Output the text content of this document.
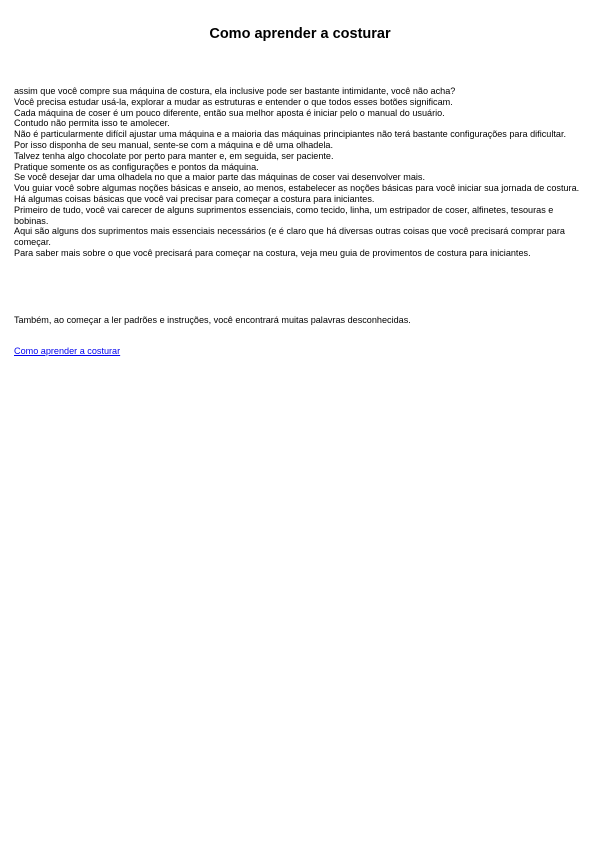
Como aprender a costurar
assim que você compre sua máquina de costura, ela inclusive pode ser bastante intimidante, você não acha?
Você precisa estudar usá-la, explorar a mudar as estruturas e entender o que todos esses botões significam.
Cada máquina de coser é um pouco diferente, então sua melhor aposta é iniciar pelo o manual do usuário.
Contudo não permita isso te amolecer.
Não é particularmente difícil ajustar uma máquina e a maioria das máquinas principiantes não terá bastante configurações para dificultar.
Por isso disponha de seu manual, sente-se com a máquina e dê uma olhadela.
Talvez tenha algo chocolate por perto para manter e, em seguida, ser paciente.
Pratique somente os as configurações e pontos da máquina.
Se você desejar dar uma olhadela no que a maior parte das máquinas de coser vai desenvolver mais.
Vou guiar você sobre algumas noções básicas e anseio, ao menos, estabelecer as noções básicas para você iniciar sua jornada de costura.
Há algumas coisas básicas que você vai precisar para começar a costura para iniciantes.
Primeiro de tudo, você vai carecer de alguns suprimentos essenciais, como tecido, linha, um estripador de coser, alfinetes, tesouras e bobinas.
Aqui são alguns dos suprimentos mais essenciais necessários (e é claro que há diversas outras coisas que você precisará comprar para começar.
Para saber mais sobre o que você precisará para começar na costura, veja meu guia de provimentos de costura para iniciantes.

Também, ao começar a ler padrões e instruções, você encontrará muitas palavras desconhecidas.

Como aprender a costurar
